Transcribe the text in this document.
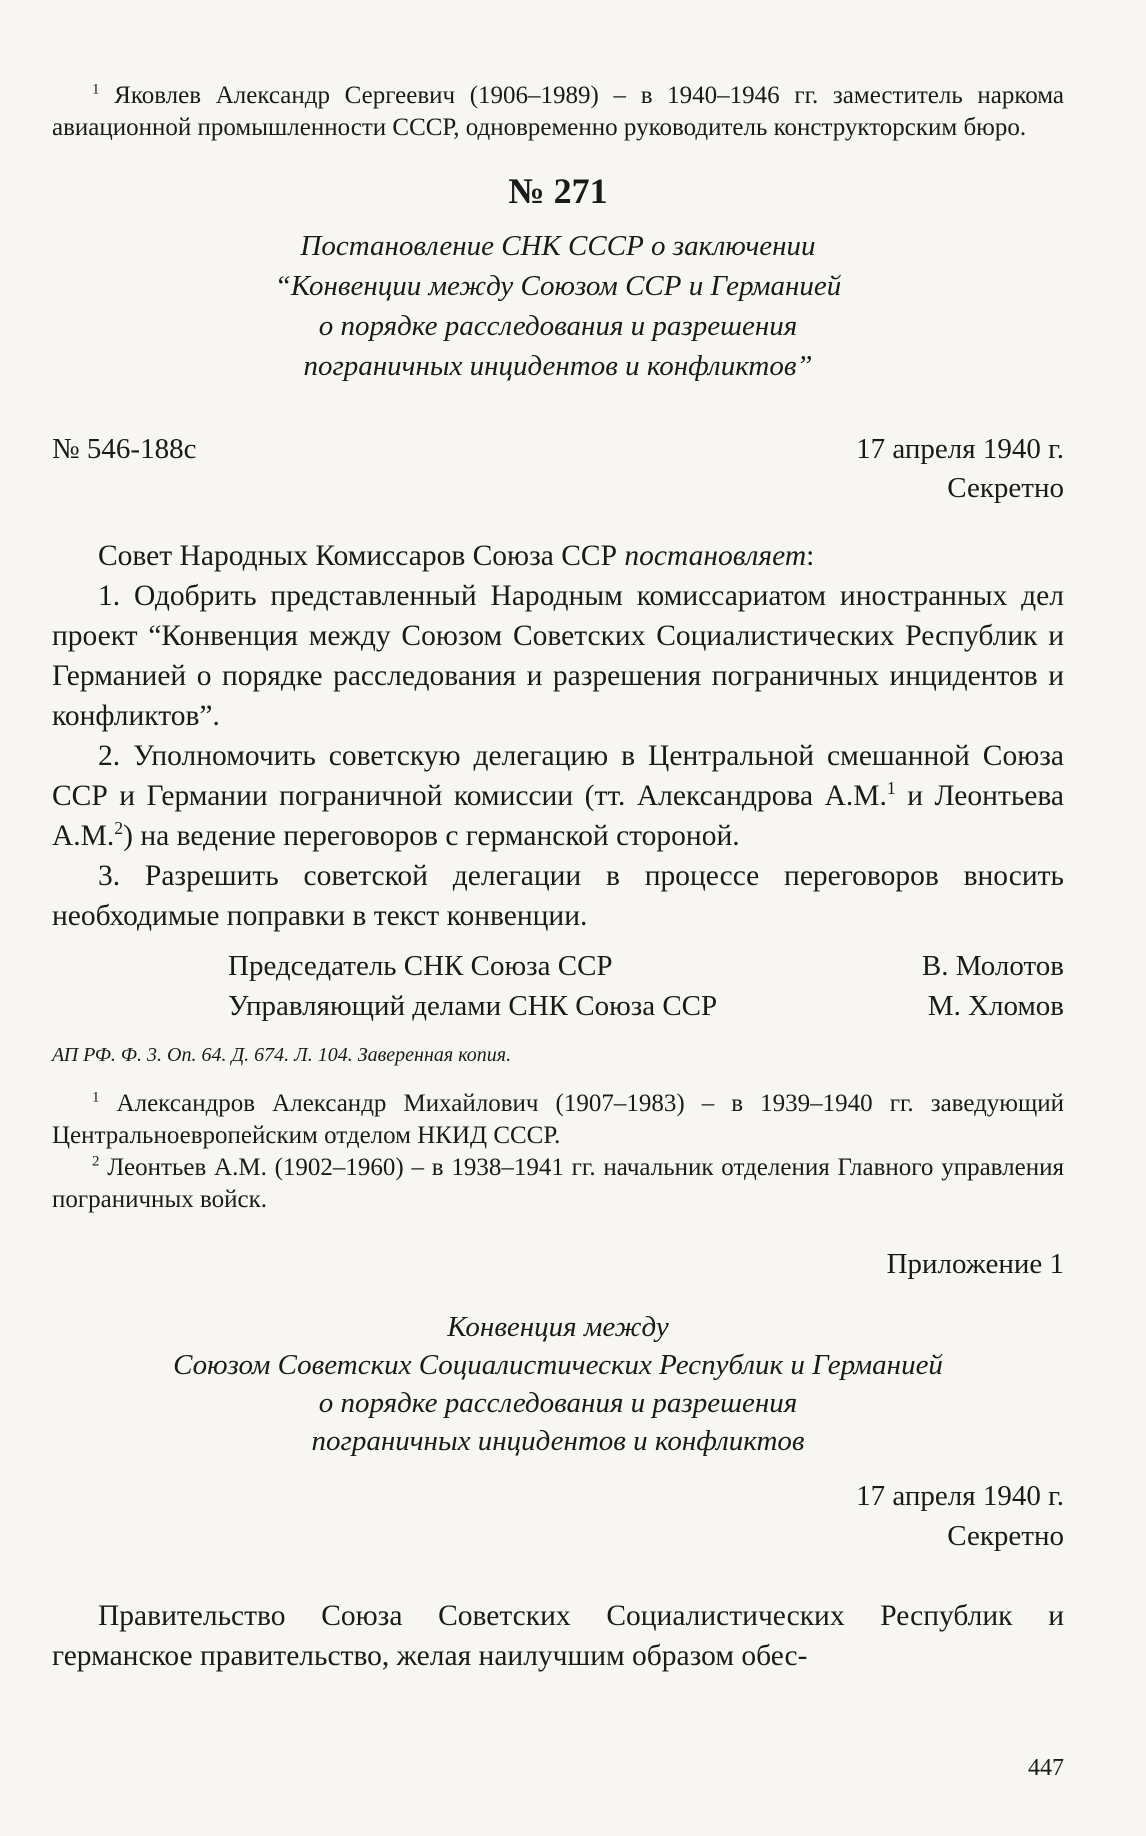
$^1$ Яковлев Александр Сергеевич (1906–1989) – в 1940–1946 гг. заместитель наркома авиационной промышленности СССР, одновременно руководитель конструкторским бюро.

№ 271
Постановление СНК СССР о заключении
“Конвенции между Союзом ССР и Германией
о порядке расследования и разрешения
пограничных инцидентов и конфликтов”
№ 546-188с	17 апреля 1940 г.
Секретно

Совет Народных Комиссаров Союза ССР постановляет:

1. Одобрить представленный Народным комиссариатом иностранных дел проект “Конвенция между Союзом Советских Социалистических Республик и Германией о порядке расследования и разрешения пограничных инцидентов и конфликтов”.

2. Уполномочить советскую делегацию в Центральной смешанной Союза ССР и Германии пограничной комиссии (тт. Александрова А.М.$^1$ и Леонтьева А.М.$^2$) на ведение переговоров с германской стороной.

3. Разрешить советской делегации в процессе переговоров вносить необходимые поправки в текст конвенции.

Председатель СНК Союза ССР	В. Молотов
Управляющий делами СНК Союза ССР	М. Хломов
АП РФ. Ф. 3. Оп. 64. Д. 674. Л. 104. Заверенная копия.

$^1$ Александров Александр Михайлович (1907–1983) – в 1939–1940 гг. заведующий Центральноевропейским отделом НКИД СССР.

$^2$ Леонтьев А.М. (1902–1960) – в 1938–1941 гг. начальник отделения Главного управления пограничных войск.

Приложение 1
Конвенция между
Союзом Советских Социалистических Республик и Германией
о порядке расследования и разрешения
пограничных инцидентов и конфликтов
17 апреля 1940 г.
Секретно

Правительство Союза Советских Социалистических Республик и германское правительство, желая наилучшим образом обес-

447
